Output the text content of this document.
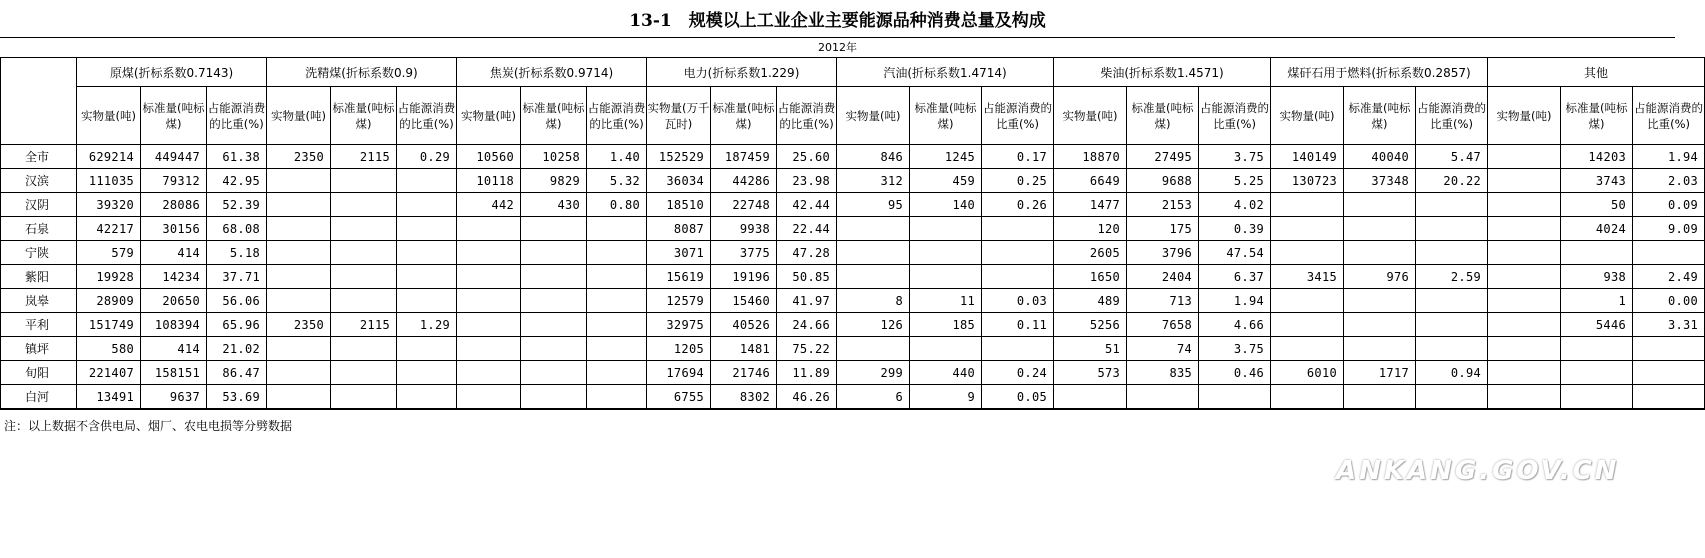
13-1　规模以上工业企业主要能源品种消费总量及构成
2012年
	原煤(折标系数0.7143)			洗精煤(折标系数0.9)			焦炭(折标系数0.9714)			电力(折标系数1.229)			汽油(折标系数1.4714)			柴油(折标系数1.4571)			煤矸石用于燃料(折标系数0.2857)			其他		
	实物量(吨)	标准量(吨标煤)	占能源消费的比重(%)	实物量(吨)	标准量(吨标煤)	占能源消费的比重(%)	实物量(吨)	标准量(吨标煤)	占能源消费的比重(%)	实物量(万千瓦时)	标准量(吨标煤)	占能源消费的比重(%)	实物量(吨)	标准量(吨标煤)	占能源消费的比重(%)	实物量(吨)	标准量(吨标煤)	占能源消费的比重(%)	实物量(吨)	标准量(吨标煤)	占能源消费的比重(%)	实物量(吨)	标准量(吨标煤)	占能源消费的比重(%)
全市	629214	449447	61.38	2350	2115	0.29	10560	10258	1.40	152529	187459	25.60	846	1245	0.17	18870	27495	3.75	140149	40040	5.47		14203	1.94
汉滨	111035	79312	42.95				10118	9829	5.32	36034	44286	23.98	312	459	0.25	6649	9688	5.25	130723	37348	20.22		3743	2.03
汉阴	39320	28086	52.39				442	430	0.80	18510	22748	42.44	95	140	0.26	1477	2153	4.02					50	0.09
石泉	42217	30156	68.08							8087	9938	22.44				120	175	0.39					4024	9.09
宁陕	579	414	5.18							3071	3775	47.28				2605	3796	47.54						
紫阳	19928	14234	37.71							15619	19196	50.85				1650	2404	6.37	3415	976	2.59		938	2.49
岚皋	28909	20650	56.06							12579	15460	41.97	8	11	0.03	489	713	1.94					1	0.00
平利	151749	108394	65.96	2350	2115	1.29				32975	40526	24.66	126	185	0.11	5256	7658	4.66					5446	3.31
镇坪	580	414	21.02							1205	1481	75.22				51	74	3.75						
旬阳	221407	158151	86.47							17694	21746	11.89	299	440	0.24	573	835	0.46	6010	1717	0.94			
白河	13491	9637	53.69							6755	8302	46.26	6	9	0.05									
注：以上数据不含供电局、烟厂、农电电损等分劈数据
ANKANG.GOV.CN
